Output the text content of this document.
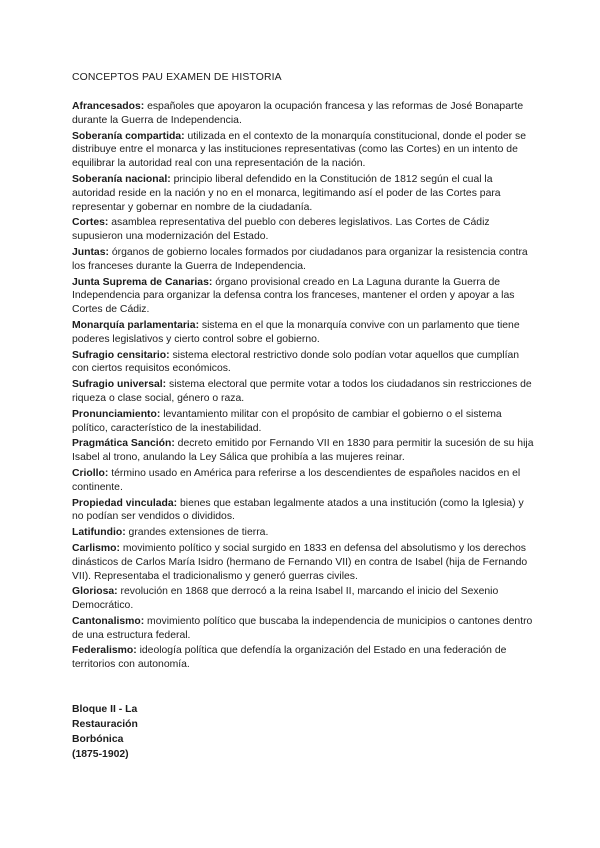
CONCEPTOS PAU EXAMEN DE HISTORIA

Afrancesados: españoles que apoyaron la ocupación francesa y las reformas de José Bonaparte durante la Guerra de Independencia.

Soberanía compartida: utilizada en el contexto de la monarquía constitucional, donde el poder se distribuye entre el monarca y las instituciones representativas (como las Cortes) en un intento de equilibrar la autoridad real con una representación de la nación.

Soberanía nacional: principio liberal defendido en la Constitución de 1812 según el cual la autoridad reside en la nación y no en el monarca, legitimando así el poder de las Cortes para representar y gobernar en nombre de la ciudadanía.

Cortes: asamblea representativa del pueblo con deberes legislativos. Las Cortes de Cádiz supusieron una modernización del Estado.

Juntas: órganos de gobierno locales formados por ciudadanos para organizar la resistencia contra los franceses durante la Guerra de Independencia.

Junta Suprema de Canarias: órgano provisional creado en La Laguna durante la Guerra de Independencia para organizar la defensa contra los franceses, mantener el orden y apoyar a las Cortes de Cádiz.

Monarquía parlamentaria: sistema en el que la monarquía convive con un parlamento que tiene poderes legislativos y cierto control sobre el gobierno.

Sufragio censitario: sistema electoral restrictivo donde solo podían votar aquellos que cumplían con ciertos requisitos económicos.

Sufragio universal: sistema electoral que permite votar a todos los ciudadanos sin restricciones de riqueza o clase social, género o raza.

Pronunciamiento: levantamiento militar con el propósito de cambiar el gobierno o el sistema político, característico de la inestabilidad.

Pragmática Sanción: decreto emitido por Fernando VII en 1830 para permitir la sucesión de su hija Isabel al trono, anulando la Ley Sálica que prohibía a las mujeres reinar.

Criollo: término usado en América para referirse a los descendientes de españoles nacidos en el continente.

Propiedad vinculada: bienes que estaban legalmente atados a una institución (como la Iglesia) y no podían ser vendidos o divididos.

Latifundio: grandes extensiones de tierra.

Carlismo: movimiento político y social surgido en 1833 en defensa del absolutismo y los derechos dinásticos de Carlos María Isidro (hermano de Fernando VII) en contra de Isabel (hija de Fernando VII). Representaba el tradicionalismo y generó guerras civiles.

Gloriosa: revolución en 1868 que derrocó a la reina Isabel II, marcando el inicio del Sexenio Democrático.

Cantonalismo: movimiento político que buscaba la independencia de municipios o cantones dentro de una estructura federal.

Federalismo: ideología política que defendía la organización del Estado en una federación de territorios con autonomía.

Bloque II - La
Restauración
Borbónica
(1875-1902)
